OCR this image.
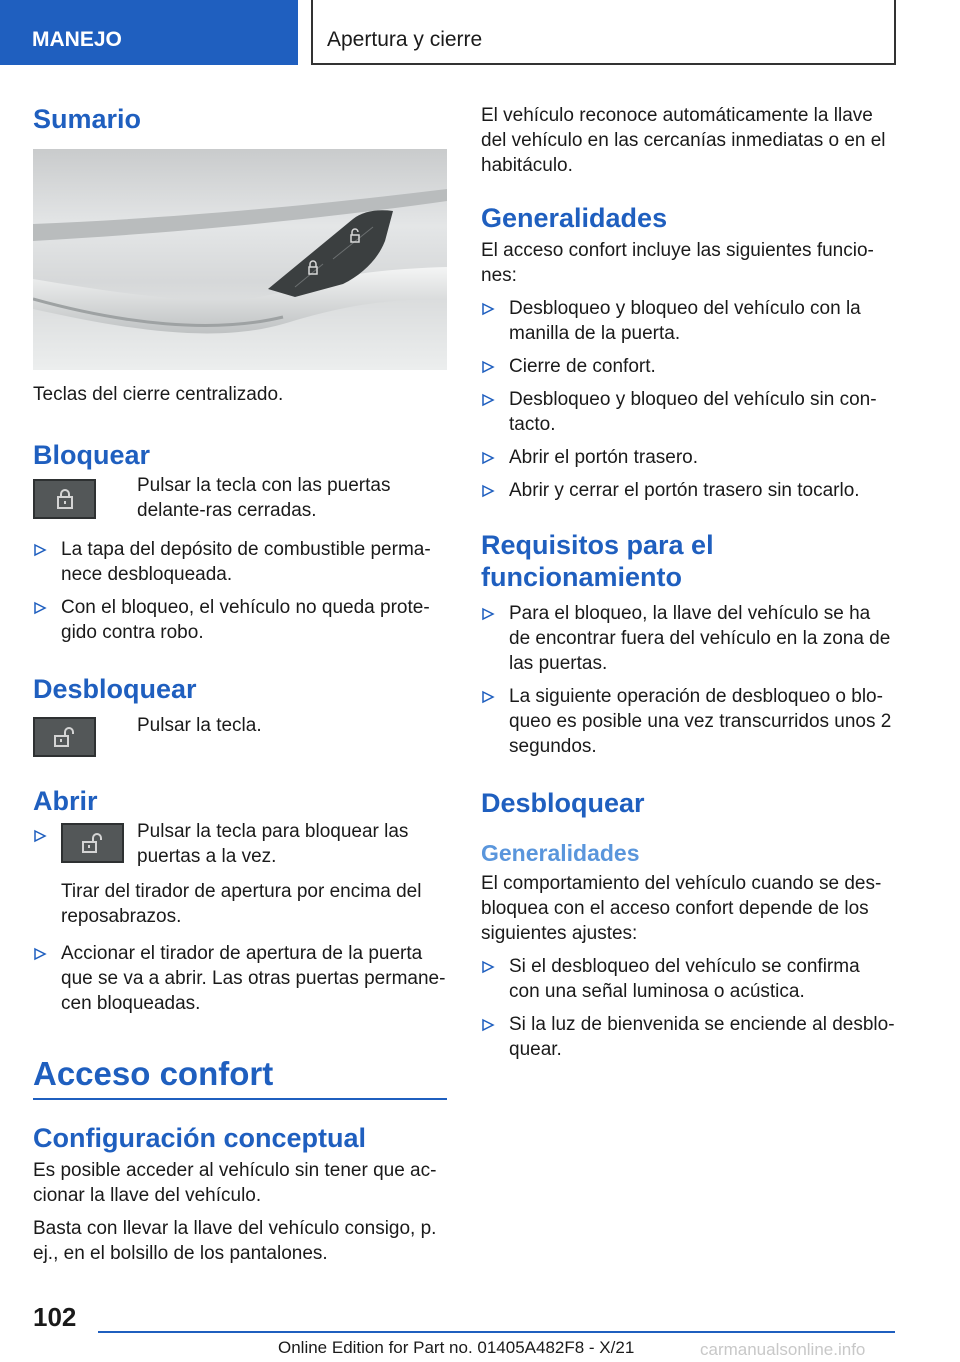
MANEJO	Apertura y cierre
Sumario

Teclas del cierre centralizado.

Bloquear
Pulsar la tecla con las puertas delante-ras cerradas.
La tapa del depósito de combustible perma-nece desbloqueada.
Con el bloqueo, el vehículo no queda prote-gido contra robo.
Desbloquear
Pulsar la tecla.
Abrir
Pulsar la tecla para bloquear las puertas a la vez.
Tirar del tirador de apertura por encima del reposabrazos.
Accionar el tirador de apertura de la puerta que se va a abrir. Las otras puertas permane-cen bloqueadas.
Acceso confort
Configuración conceptual

Es posible acceder al vehículo sin tener que ac-cionar la llave del vehículo.

Basta con llevar la llave del vehículo consigo, p. ej., en el bolsillo de los pantalones.

El vehículo reconoce automáticamente la llave del vehículo en las cercanías inmediatas o en el habitáculo.

Generalidades

El acceso confort incluye las siguientes funcio-nes:

Desbloqueo y bloqueo del vehículo con la manilla de la puerta.
Cierre de confort.
Desbloqueo y bloqueo del vehículo sin con-tacto.
Abrir el portón trasero.
Abrir y cerrar el portón trasero sin tocarlo.
Requisitos para el funcionamiento
Para el bloqueo, la llave del vehículo se ha de encontrar fuera del vehículo en la zona de las puertas.
La siguiente operación de desbloqueo o blo-queo es posible una vez transcurridos unos 2 segundos.
Desbloquear
Generalidades

El comportamiento del vehículo cuando se des-bloquea con el acceso confort depende de los siguientes ajustes:

Si el desbloqueo del vehículo se confirma con una señal luminosa o acústica.
Si la luz de bienvenida se enciende al desblo-quear.
102
Online Edition for Part no. 01405A482F8 - X/21	carmanualsonline.info
